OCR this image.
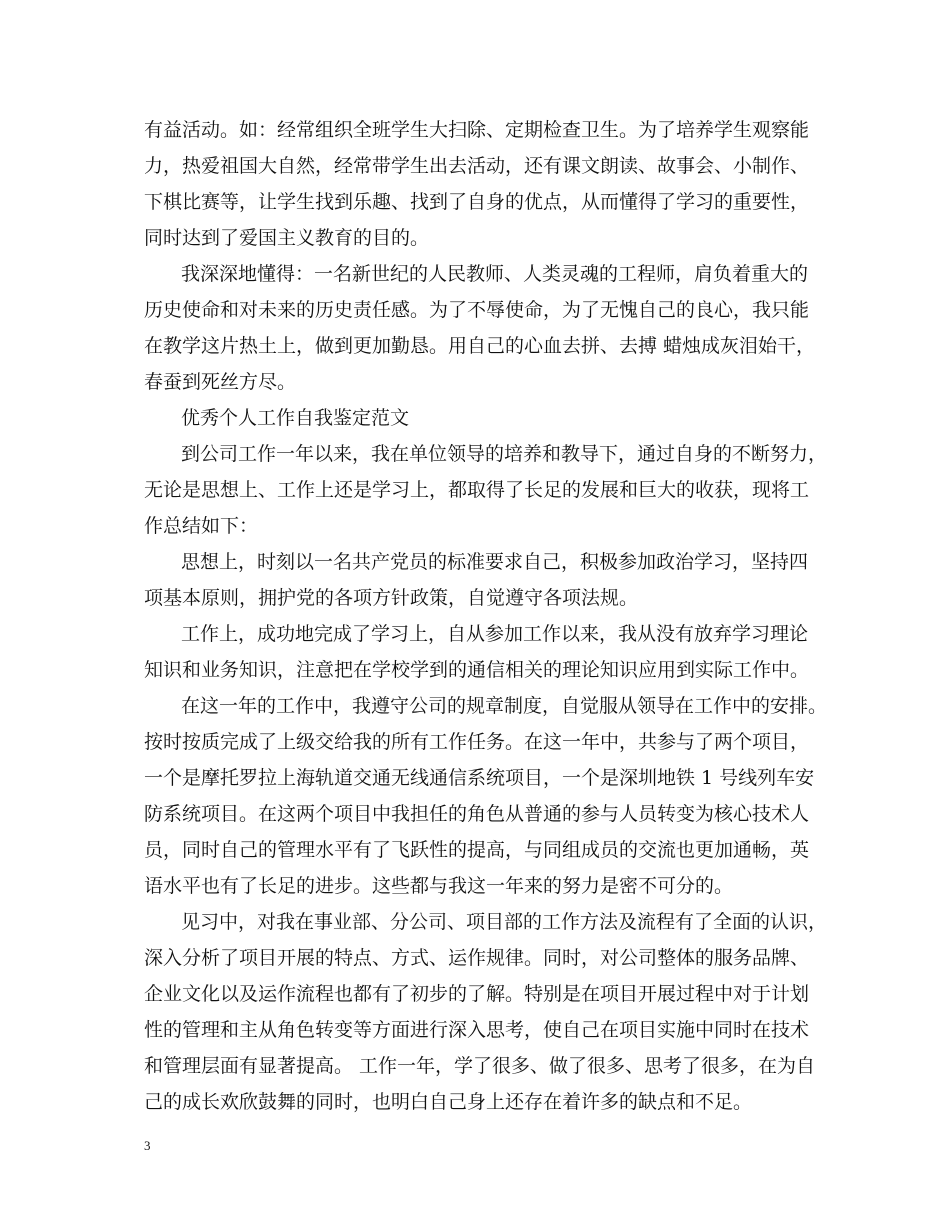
有益活动。如：经常组织全班学生大扫除、定期检查卫生。为了培养学生观察能
力，热爱祖国大自然，经常带学生出去活动，还有课文朗读、故事会、小制作、
下棋比赛等，让学生找到乐趣、找到了自身的优点，从而懂得了学习的重要性，
同时达到了爱国主义教育的目的。
我深深地懂得：一名新世纪的人民教师、人类灵魂的工程师，肩负着重大的
历史使命和对未来的历史责任感。为了不辱使命，为了无愧自己的良心，我只能
在教学这片热土上，做到更加勤恳。用自己的心血去拼、去搏 蜡烛成灰泪始干，
春蚕到死丝方尽。
优秀个人工作自我鉴定范文
到公司工作一年以来，我在单位领导的培养和教导下，通过自身的不断努力，
无论是思想上、工作上还是学习上，都取得了长足的发展和巨大的收获，现将工
作总结如下：
思想上，时刻以一名共产党员的标准要求自己，积极参加政治学习，坚持四
项基本原则，拥护党的各项方针政策，自觉遵守各项法规。
工作上，成功地完成了学习上，自从参加工作以来，我从没有放弃学习理论
知识和业务知识，注意把在学校学到的通信相关的理论知识应用到实际工作中。
在这一年的工作中，我遵守公司的规章制度，自觉服从领导在工作中的安排。
按时按质完成了上级交给我的所有工作任务。在这一年中，共参与了两个项目，
一个是摩托罗拉上海轨道交通无线通信系统项目，一个是深圳地铁 1 号线列车安
防系统项目。在这两个项目中我担任的角色从普通的参与人员转变为核心技术人
员，同时自己的管理水平有了飞跃性的提高，与同组成员的交流也更加通畅，英
语水平也有了长足的进步。这些都与我这一年来的努力是密不可分的。
见习中，对我在事业部、分公司、项目部的工作方法及流程有了全面的认识，
深入分析了项目开展的特点、方式、运作规律。同时，对公司整体的服务品牌、
企业文化以及运作流程也都有了初步的了解。特别是在项目开展过程中对于计划
性的管理和主从角色转变等方面进行深入思考，使自己在项目实施中同时在技术
和管理层面有显著提高。 工作一年，学了很多、做了很多、思考了很多，在为自
己的成长欢欣鼓舞的同时，也明白自己身上还存在着许多的缺点和不足。
3
